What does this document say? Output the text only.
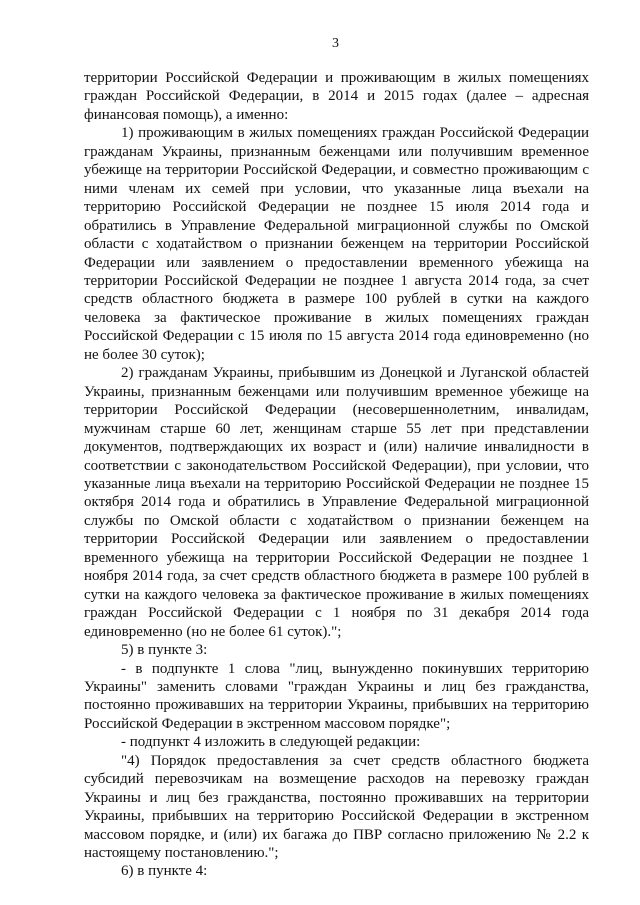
3

территории Российской Федерации и проживающим в жилых помещениях граждан Российской Федерации, в 2014 и 2015 годах (далее – адресная финансовая помощь), а именно:

1) проживающим в жилых помещениях граждан Российской Федерации гражданам Украины, признанным беженцами или получившим временное убежище на территории Российской Федерации, и совместно проживающим с ними членам их семей при условии, что указанные лица въехали на территорию Российской Федерации не позднее 15 июля 2014 года и обратились в Управление Федеральной миграционной службы по Омской области с ходатайством о признании беженцем на территории Российской Федерации или заявлением о предоставлении временного убежища на территории Российской Федерации не позднее 1 августа 2014 года, за счет средств областного бюджета в размере 100 рублей в сутки на каждого человека за фактическое проживание в жилых помещениях граждан Российской Федерации с 15 июля по 15 августа 2014 года единовременно (но не более 30 суток);

2) гражданам Украины, прибывшим из Донецкой и Луганской областей Украины, признанным беженцами или получившим временное убежище на территории Российской Федерации (несовершеннолетним, инвалидам, мужчинам старше 60 лет, женщинам старше 55 лет при представлении документов, подтверждающих их возраст и (или) наличие инвалидности в соответствии с законодательством Российской Федерации), при условии, что указанные лица въехали на территорию Российской Федерации не позднее 15 октября 2014 года и обратились в Управление Федеральной миграционной службы по Омской области с ходатайством о признании беженцем на территории Российской Федерации или заявлением о предоставлении временного убежища на территории Российской Федерации не позднее 1 ноября 2014 года, за счет средств областного бюджета в размере 100 рублей в сутки на каждого человека за фактическое проживание в жилых помещениях граждан Российской Федерации с 1 ноября по 31 декабря 2014 года единовременно (но не более 61 суток).";

5) в пункте 3:

- в подпункте 1 слова "лиц, вынужденно покинувших территорию Украины" заменить словами "граждан Украины и лиц без гражданства, постоянно проживавших на территории Украины, прибывших на территорию Российской Федерации в экстренном массовом порядке";

- подпункт 4 изложить в следующей редакции:

"4) Порядок предоставления за счет средств областного бюджета субсидий перевозчикам на возмещение расходов на перевозку граждан Украины и лиц без гражданства, постоянно проживавших на территории Украины, прибывших на территорию Российской Федерации в экстренном массовом порядке, и (или) их багажа до ПВР согласно приложению № 2.2 к настоящему постановлению.";

6) в пункте 4:
